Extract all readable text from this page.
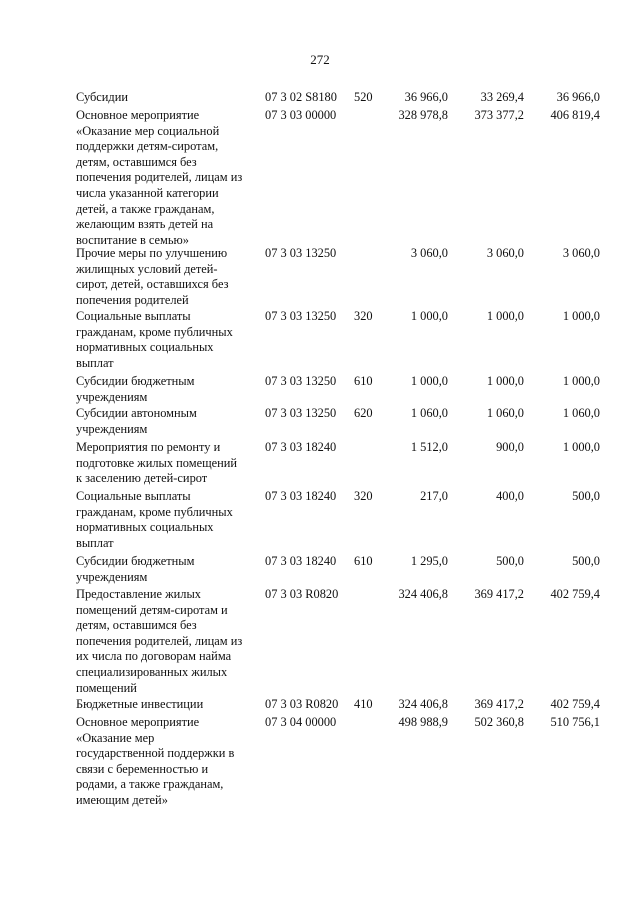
272
Субсидии	07 3 02 S8180 520	36 966,0	33 269,4	36 966,0
Основное мероприятие
«Оказание мер социальной
поддержки детям-сиротам,
детям, оставшимся без
попечения родителей, лицам из
числа указанной категории
детей, а также гражданам,
желающим взять детей на
воспитание в семью»
07 3 03 00000	328 978,8 373 377,2 406 819,4
Прочие меры по улучшению
жилищных условий детей-
сирот, детей, оставшихся без
попечения родителей
07 3 03 13250	3 060,0	3 060,0	3 060,0
Социальные выплаты
гражданам, кроме публичных
нормативных социальных
выплат
07 3 03 13250 320	1 000,0	1 000,0	1 000,0
Субсидии бюджетным
учреждениям
07 3 03 13250 610	1 000,0	1 000,0	1 000,0
Субсидии автономным
учреждениям
07 3 03 13250 620	1 060,0	1 060,0	1 060,0
Мероприятия по ремонту и
подготовке жилых помещений
к заселению детей-сирот
07 3 03 18240	1 512,0	900,0	1 000,0
Социальные выплаты
гражданам, кроме публичных
нормативных социальных
выплат
07 3 03 18240 320	217,0	400,0	500,0
Субсидии бюджетным
учреждениям
07 3 03 18240 610	1 295,0	500,0	500,0
Предоставление жилых
помещений детям-сиротам и
детям, оставшимся без
попечения родителей, лицам из
их числа по договорам найма
специализированных жилых
помещений
07 3 03 R0820	324 406,8 369 417,2 402 759,4
Бюджетные инвестиции	07 3 03 R0820 410 324 406,8 369 417,2 402 759,4
Основное мероприятие
«Оказание мер
государственной поддержки в
связи с беременностью и
родами, а также гражданам,
имеющим детей»
07 3 04 00000	498 988,9 502 360,8 510 756,1
